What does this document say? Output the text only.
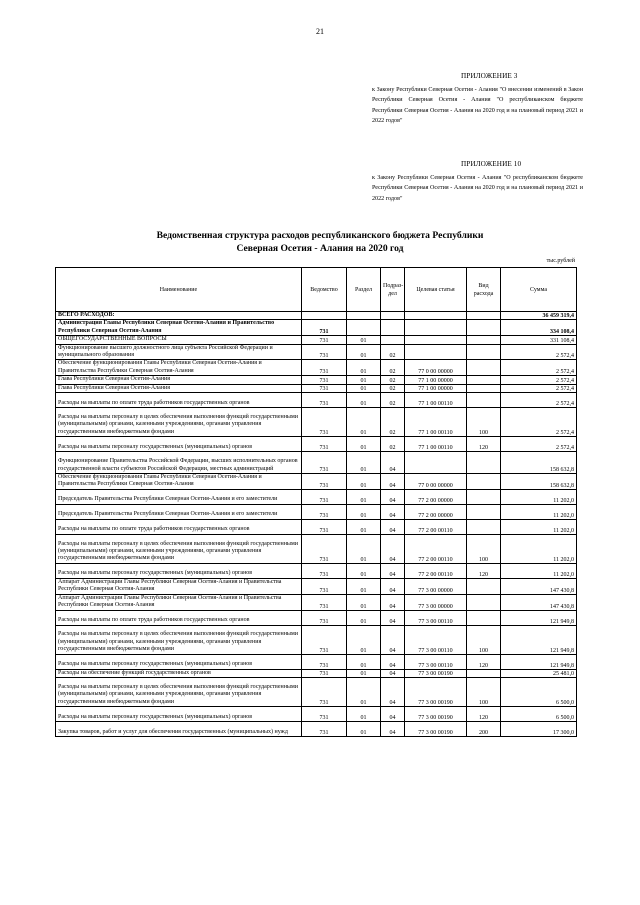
21
ПРИЛОЖЕНИЕ 3
к Закону Республики Северная Осетия - Алания "О внесении изменений в Закон Республики Северная Осетия - Алания "О республиканском бюджете Республики Северная Осетия - Алания на 2020 год и на плановый период 2021 и 2022 годов"
ПРИЛОЖЕНИЕ 10
к Закону Республики Северная Осетия - Алания "О республиканском бюджете Республики Северная Осетия - Алания на 2020 год и на плановый период 2021 и 2022 годов"
Ведомственная структура расходов республиканского бюджета Республики
Северная Осетия - Алания на 2020 год
тыс.рублей
Наименование	Ведомство	Раздел	Подраз-дел	Целевая статья	Вид расхода	Сумма
ВСЕГО РАСХОДОВ:						36 459 319,4
Администрация Главы Республики Северная Осетия-Алания и Правительство Республики Северная Осетия-Алания	731					334 108,4
ОБЩЕГОСУДАРСТВЕННЫЕ ВОПРОСЫ	731	01				331 108,4
Функционирование высшего должностного лица субъекта Российской Федерации и муниципального образования	731	01	02			2 572,4
Обеспечение функционирования Главы Республики Северная Осетия-Алания и Правительства Республики Северная Осетия-Алания	731	01	02	77 0 00 00000		2 572,4
Глава Республики Северная Осетия-Алания	731	01	02	77 1 00 00000		2 572,4
Глава Республики Северная Осетия-Алания	731	01	02	77 1 00 00000		2 572,4
Расходы на выплаты по оплате труда работников государственных органов	731	01	02	77 1 00 00110		2 572,4
Расходы на выплаты персоналу в целях обеспечения выполнения функций государственными (муниципальными) органами, казенными учреждениями, органами управления государственными внебюджетными фондами	731	01	02	77 1 00 00110	100	2 572,4
Расходы на выплаты персоналу государственных (муниципальных) органов	731	01	02	77 1 00 00110	120	2 572,4
Функционирование Правительства Российской Федерации, высших исполнительных органов государственной власти субъектов Российской Федерации, местных администраций	731	01	04			158 632,8
Обеспечение функционирования Главы Республики Северная Осетия-Алания и Правительства Республики Северная Осетия-Алания	731	01	04	77 0 00 00000		158 632,8
Председатель Правительства Республики Северная Осетия-Алания и его заместители	731	01	04	77 2 00 00000		11 202,0
Председатель Правительства Республики Северная Осетия-Алания и его заместители	731	01	04	77 2 00 00000		11 202,0
Расходы на выплаты по оплате труда работников государственных органов	731	01	04	77 2 00 00110		11 202,0
Расходы на выплаты персоналу в целях обеспечения выполнения функций государственными (муниципальными) органами, казенными учреждениями, органами управления государственными внебюджетными фондами	731	01	04	77 2 00 00110	100	11 202,0
Расходы на выплаты персоналу государственных (муниципальных) органов	731	01	04	77 2 00 00110	120	11 202,0
Аппарат Администрации Главы Республики Северная Осетия-Алания и Правительства Республики Северная Осетия-Алания	731	01	04	77 3 00 00000		147 430,8
Аппарат Администрации Главы Республики Северная Осетия-Алания и Правительства Республики Северная Осетия-Алания	731	01	04	77 3 00 00000		147 430,8
Расходы на выплаты по оплате труда работников государственных органов	731	01	04	77 3 00 00110		121 949,8
Расходы на выплаты персоналу в целях обеспечения выполнения функций государственными (муниципальными) органами, казенными учреждениями, органами управления государственными внебюджетными фондами	731	01	04	77 3 00 00110	100	121 949,8
Расходы на выплаты персоналу государственных (муниципальных) органов	731	01	04	77 3 00 00110	120	121 949,8
Расходы на обеспечение функций государственных органов	731	01	04	77 3 00 00190		25 481,0
Расходы на выплаты персоналу в целях обеспечения выполнения функций государственными (муниципальными) органами, казенными учреждениями, органами управления государственными внебюджетными фондами	731	01	04	77 3 00 00190	100	6 500,0
Расходы на выплаты персоналу государственных (муниципальных) органов	731	01	04	77 3 00 00190	120	6 500,0
Закупка товаров, работ и услуг для обеспечения государственных (муниципальных) нужд	731	01	04	77 3 00 00190	200	17 300,0
